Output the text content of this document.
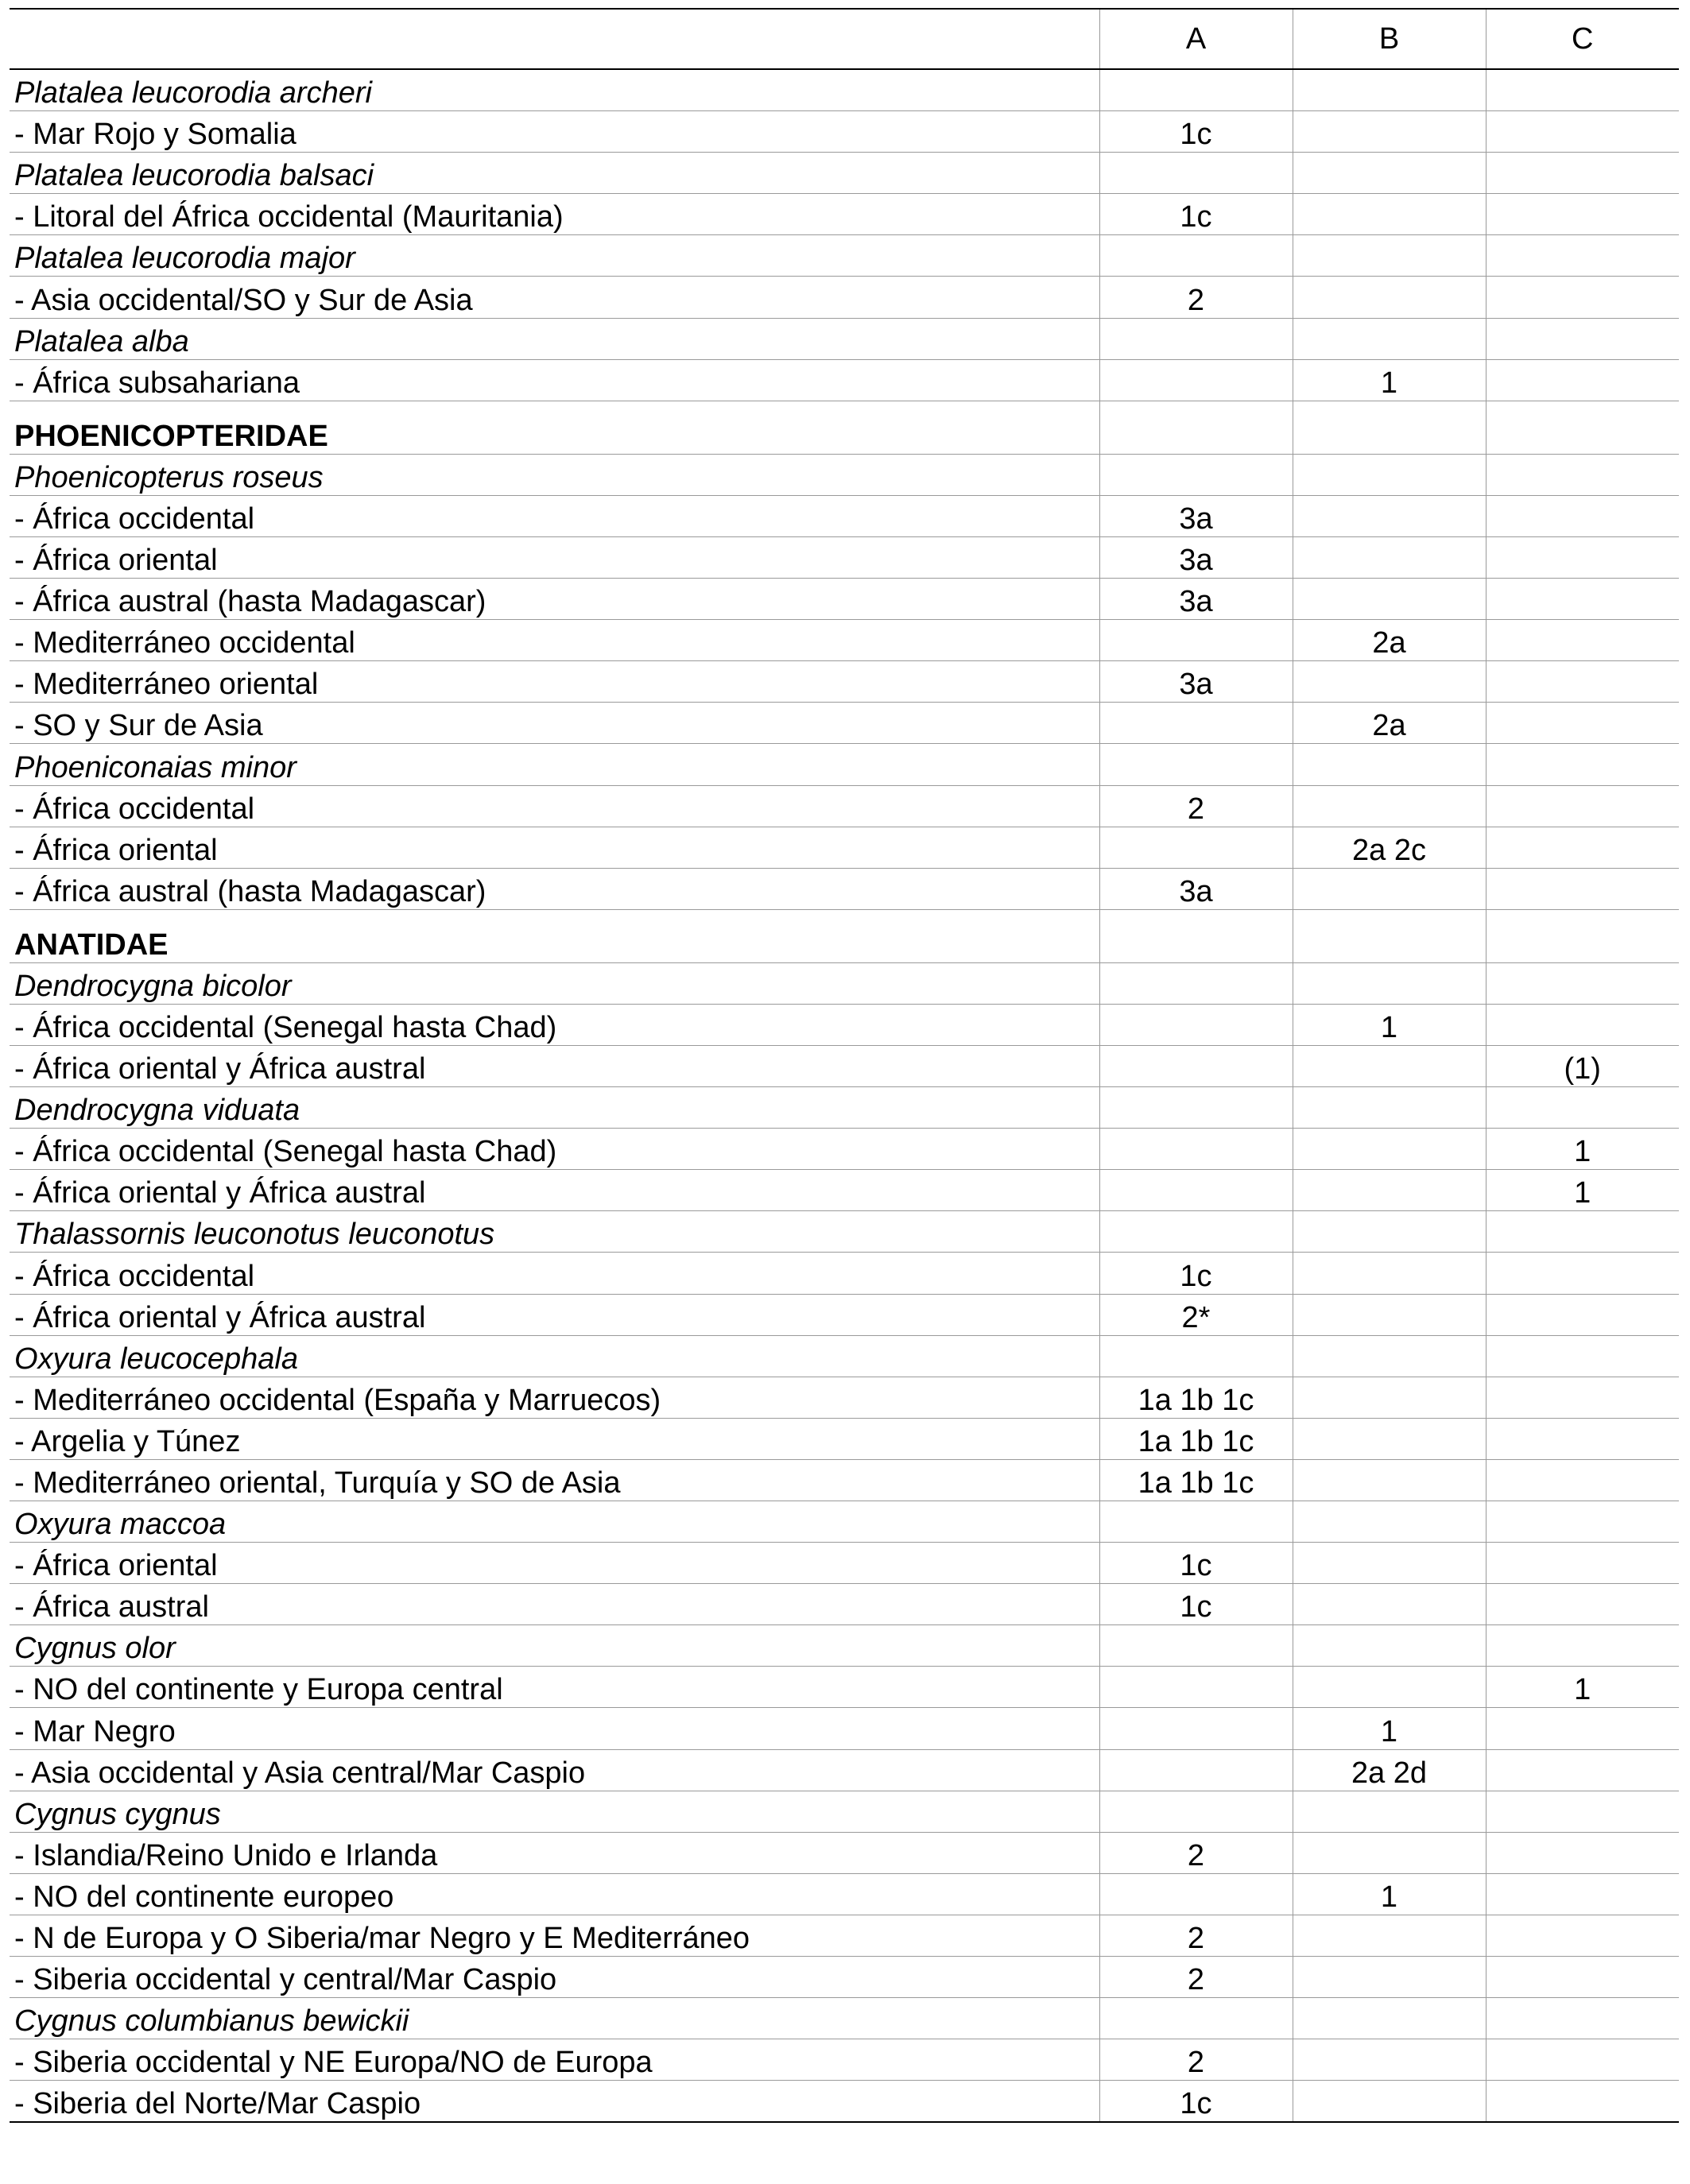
	A	B	C
Platalea leucorodia archeri			
- Mar Rojo y Somalia	1c		
Platalea leucorodia balsaci			
- Litoral del África occidental (Mauritania)	1c		
Platalea leucorodia major			
- Asia occidental/SO y Sur de Asia	2		
Platalea alba			
- África subsahariana		1	
PHOENICOPTERIDAE			
Phoenicopterus roseus			
- África occidental	3a		
- África oriental	3a		
- África austral (hasta Madagascar)	3a		
- Mediterráneo occidental		2a	
- Mediterráneo oriental	3a		
- SO y Sur de Asia		2a	
Phoeniconaias minor			
- África occidental	2		
- África oriental		2a 2c	
- África austral (hasta Madagascar)	3a		
ANATIDAE			
Dendrocygna bicolor			
- África occidental (Senegal hasta Chad)		1	
- África oriental y África austral			(1)
Dendrocygna viduata			
- África occidental (Senegal hasta Chad)			1
- África oriental y África austral			1
Thalassornis leuconotus leuconotus			
- África occidental	1c		
- África oriental y África austral	2*		
Oxyura leucocephala			
- Mediterráneo occidental (España y Marruecos)	1a 1b 1c		
- Argelia y Túnez	1a 1b 1c		
- Mediterráneo oriental, Turquía y SO de Asia	1a 1b 1c		
Oxyura maccoa			
- África oriental	1c		
- África austral	1c		
Cygnus olor			
- NO del continente y Europa central			1
- Mar Negro		1	
- Asia occidental y Asia central/Mar Caspio		2a 2d	
Cygnus cygnus			
- Islandia/Reino Unido e Irlanda	2		
- NO del continente europeo		1	
- N de Europa y O Siberia/mar Negro y E Mediterráneo	2		
- Siberia occidental y central/Mar Caspio	2		
Cygnus columbianus bewickii			
- Siberia occidental y NE Europa/NO de Europa	2		
- Siberia del Norte/Mar Caspio	1c		
